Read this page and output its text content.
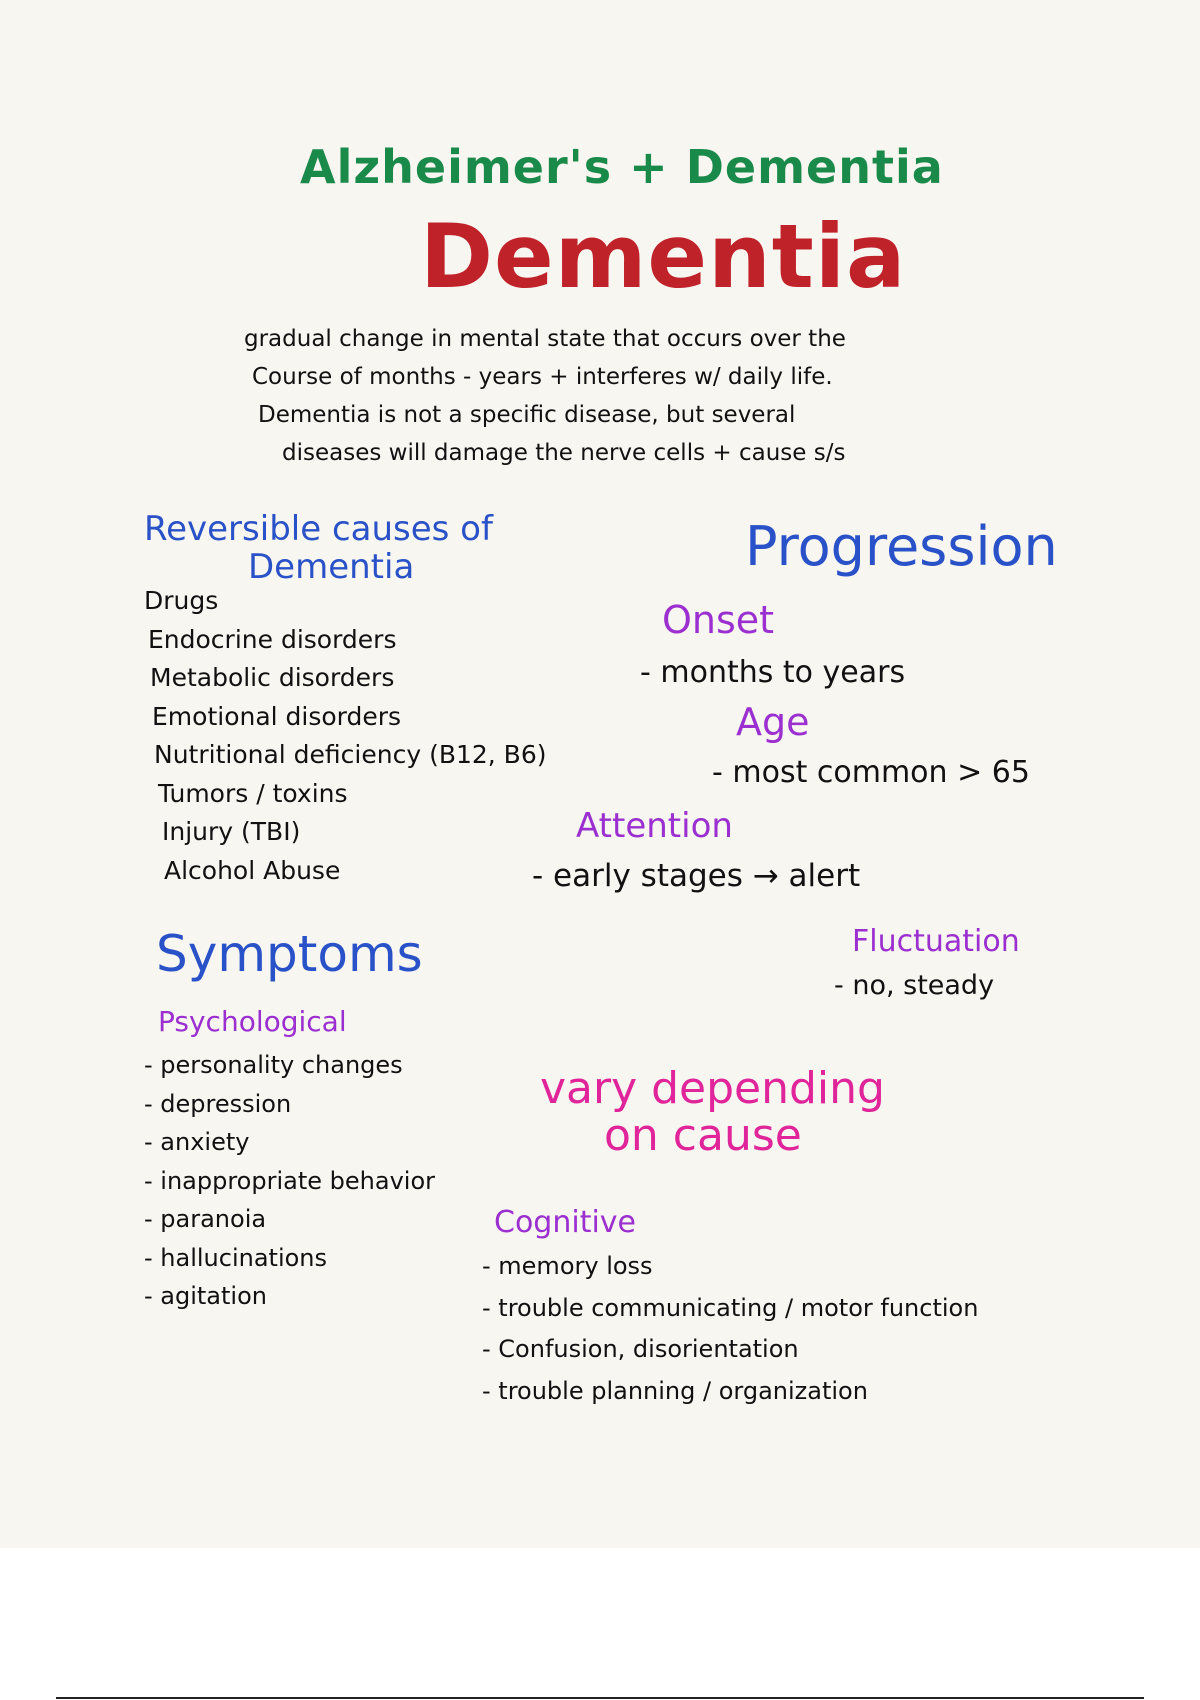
Alzheimer's + Dementia
Dementia
gradual change in mental state that occurs over the
Course of months - years + interferes w/ daily life.
Dementia is not a specific disease, but several
diseases will damage the nerve cells + cause s/s
Reversible causes of
Dementia
Drugs
Endocrine disorders
Metabolic disorders
Emotional disorders
Nutritional deficiency (B12, B6)
Tumors / toxins
Injury (TBI)
Alcohol Abuse
Progression
Onset
- months to years
Age
- most common > 65
Attention
- early stages → alert
Fluctuation
- no, steady
Symptoms
Psychological
- personality changes
- depression
- anxiety
- inappropriate behavior
- paranoia
- hallucinations
- agitation
vary depending
on cause
Cognitive
- memory loss
- trouble communicating / motor function
- Confusion, disorientation
- trouble planning / organization
